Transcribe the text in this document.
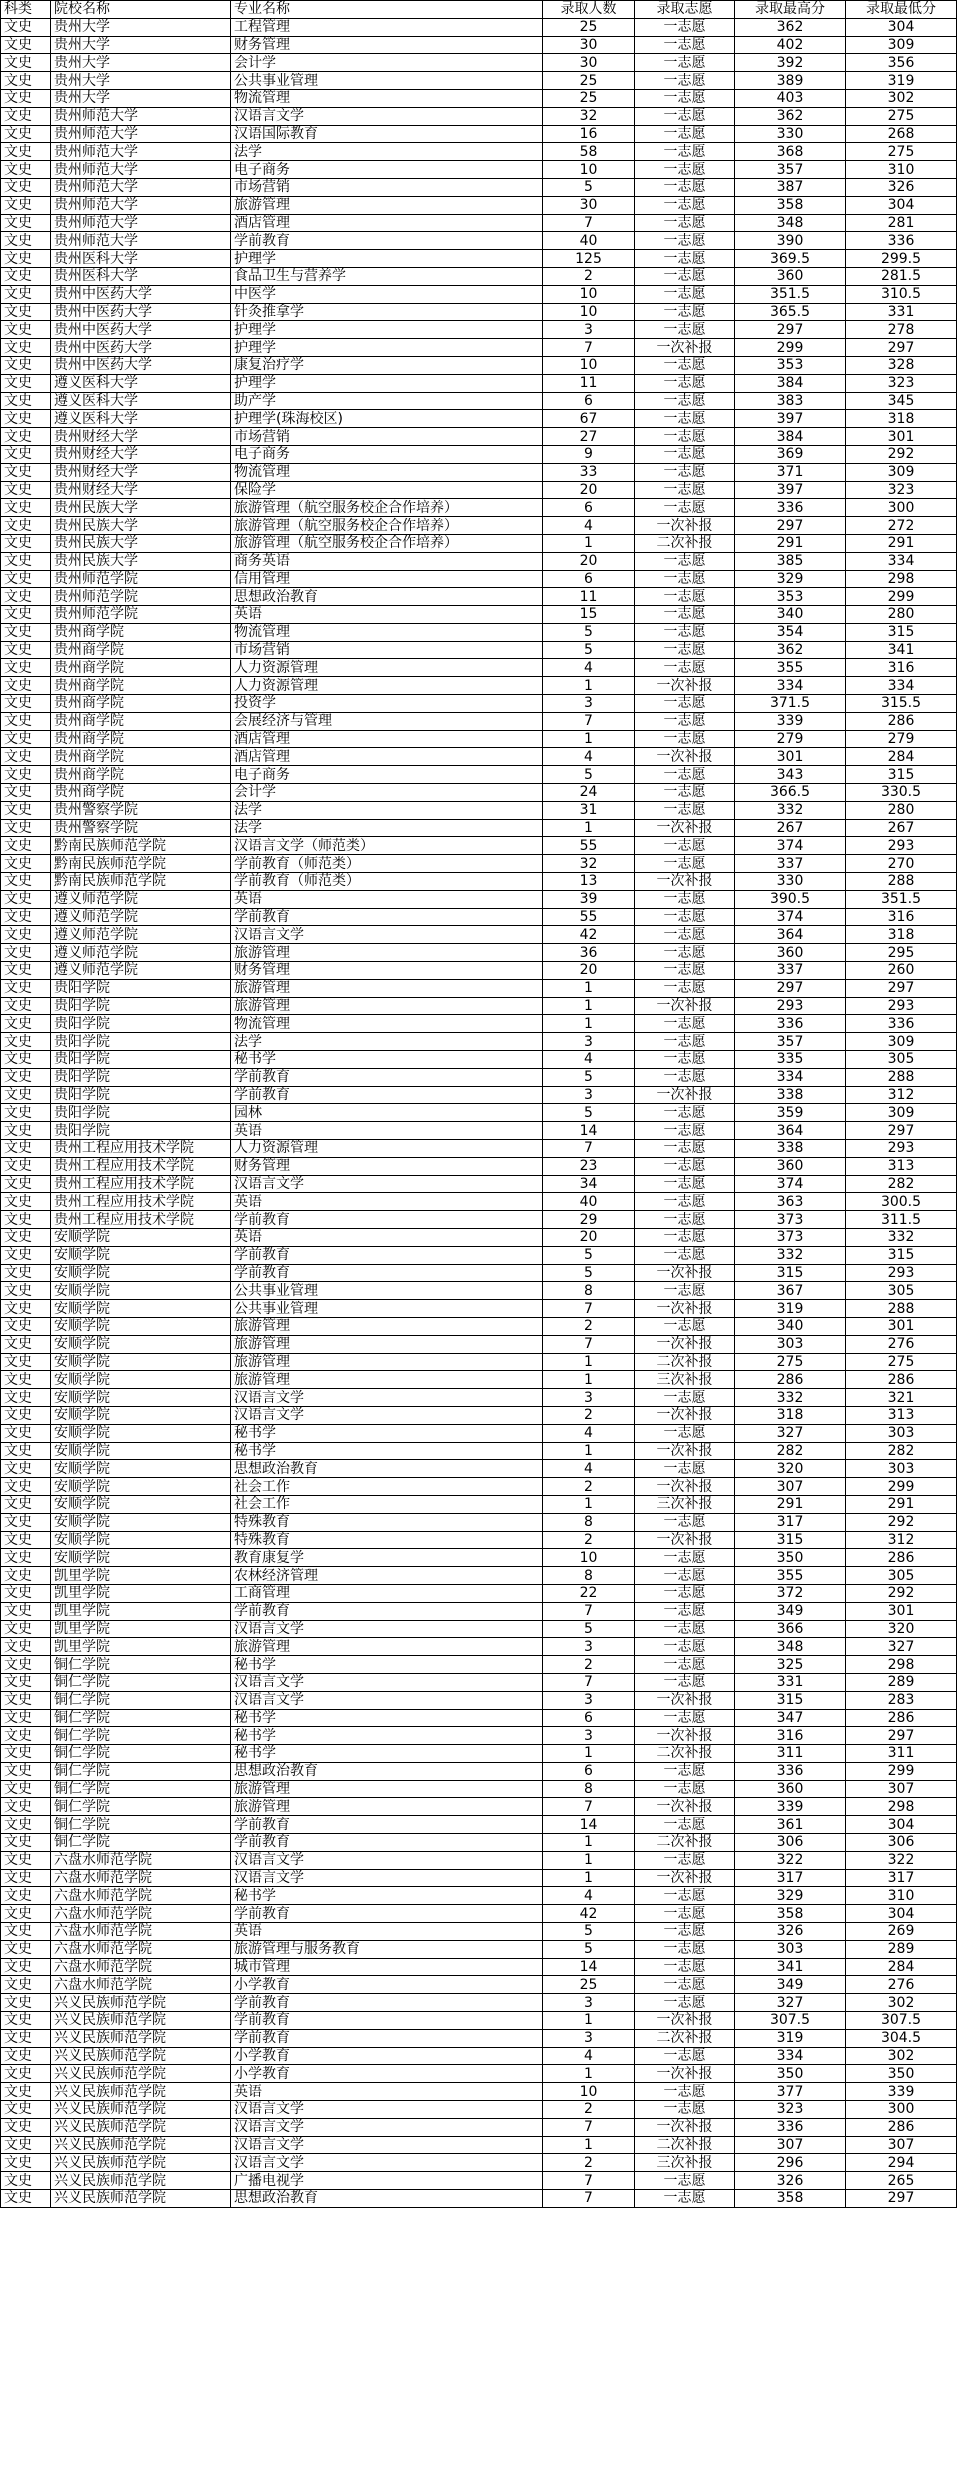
科类	院校名称	专业名称	录取人数	录取志愿	录取最高分	录取最低分
文史	贵州大学	工程管理	25	一志愿	362	304
文史	贵州大学	财务管理	30	一志愿	402	309
文史	贵州大学	会计学	30	一志愿	392	356
文史	贵州大学	公共事业管理	25	一志愿	389	319
文史	贵州大学	物流管理	25	一志愿	403	302
文史	贵州师范大学	汉语言文学	32	一志愿	362	275
文史	贵州师范大学	汉语国际教育	16	一志愿	330	268
文史	贵州师范大学	法学	58	一志愿	368	275
文史	贵州师范大学	电子商务	10	一志愿	357	310
文史	贵州师范大学	市场营销	5	一志愿	387	326
文史	贵州师范大学	旅游管理	30	一志愿	358	304
文史	贵州师范大学	酒店管理	7	一志愿	348	281
文史	贵州师范大学	学前教育	40	一志愿	390	336
文史	贵州医科大学	护理学	125	一志愿	369.5	299.5
文史	贵州医科大学	食品卫生与营养学	2	一志愿	360	281.5
文史	贵州中医药大学	中医学	10	一志愿	351.5	310.5
文史	贵州中医药大学	针灸推拿学	10	一志愿	365.5	331
文史	贵州中医药大学	护理学	3	一志愿	297	278
文史	贵州中医药大学	护理学	7	一次补报	299	297
文史	贵州中医药大学	康复治疗学	10	一志愿	353	328
文史	遵义医科大学	护理学	11	一志愿	384	323
文史	遵义医科大学	助产学	6	一志愿	383	345
文史	遵义医科大学	护理学(珠海校区)	67	一志愿	397	318
文史	贵州财经大学	市场营销	27	一志愿	384	301
文史	贵州财经大学	电子商务	9	一志愿	369	292
文史	贵州财经大学	物流管理	33	一志愿	371	309
文史	贵州财经大学	保险学	20	一志愿	397	323
文史	贵州民族大学	旅游管理（航空服务校企合作培养）	6	一志愿	336	300
文史	贵州民族大学	旅游管理（航空服务校企合作培养）	4	一次补报	297	272
文史	贵州民族大学	旅游管理（航空服务校企合作培养）	1	二次补报	291	291
文史	贵州民族大学	商务英语	20	一志愿	385	334
文史	贵州师范学院	信用管理	6	一志愿	329	298
文史	贵州师范学院	思想政治教育	11	一志愿	353	299
文史	贵州师范学院	英语	15	一志愿	340	280
文史	贵州商学院	物流管理	5	一志愿	354	315
文史	贵州商学院	市场营销	5	一志愿	362	341
文史	贵州商学院	人力资源管理	4	一志愿	355	316
文史	贵州商学院	人力资源管理	1	一次补报	334	334
文史	贵州商学院	投资学	3	一志愿	371.5	315.5
文史	贵州商学院	会展经济与管理	7	一志愿	339	286
文史	贵州商学院	酒店管理	1	一志愿	279	279
文史	贵州商学院	酒店管理	4	一次补报	301	284
文史	贵州商学院	电子商务	5	一志愿	343	315
文史	贵州商学院	会计学	24	一志愿	366.5	330.5
文史	贵州警察学院	法学	31	一志愿	332	280
文史	贵州警察学院	法学	1	一次补报	267	267
文史	黔南民族师范学院	汉语言文学（师范类）	55	一志愿	374	293
文史	黔南民族师范学院	学前教育（师范类）	32	一志愿	337	270
文史	黔南民族师范学院	学前教育（师范类）	13	一次补报	330	288
文史	遵义师范学院	英语	39	一志愿	390.5	351.5
文史	遵义师范学院	学前教育	55	一志愿	374	316
文史	遵义师范学院	汉语言文学	42	一志愿	364	318
文史	遵义师范学院	旅游管理	36	一志愿	360	295
文史	遵义师范学院	财务管理	20	一志愿	337	260
文史	贵阳学院	旅游管理	1	一志愿	297	297
文史	贵阳学院	旅游管理	1	一次补报	293	293
文史	贵阳学院	物流管理	1	一志愿	336	336
文史	贵阳学院	法学	3	一志愿	357	309
文史	贵阳学院	秘书学	4	一志愿	335	305
文史	贵阳学院	学前教育	5	一志愿	334	288
文史	贵阳学院	学前教育	3	一次补报	338	312
文史	贵阳学院	园林	5	一志愿	359	309
文史	贵阳学院	英语	14	一志愿	364	297
文史	贵州工程应用技术学院	人力资源管理	7	一志愿	338	293
文史	贵州工程应用技术学院	财务管理	23	一志愿	360	313
文史	贵州工程应用技术学院	汉语言文学	34	一志愿	374	282
文史	贵州工程应用技术学院	英语	40	一志愿	363	300.5
文史	贵州工程应用技术学院	学前教育	29	一志愿	373	311.5
文史	安顺学院	英语	20	一志愿	373	332
文史	安顺学院	学前教育	5	一志愿	332	315
文史	安顺学院	学前教育	5	一次补报	315	293
文史	安顺学院	公共事业管理	8	一志愿	367	305
文史	安顺学院	公共事业管理	7	一次补报	319	288
文史	安顺学院	旅游管理	2	一志愿	340	301
文史	安顺学院	旅游管理	7	一次补报	303	276
文史	安顺学院	旅游管理	1	二次补报	275	275
文史	安顺学院	旅游管理	1	三次补报	286	286
文史	安顺学院	汉语言文学	3	一志愿	332	321
文史	安顺学院	汉语言文学	2	一次补报	318	313
文史	安顺学院	秘书学	4	一志愿	327	303
文史	安顺学院	秘书学	1	一次补报	282	282
文史	安顺学院	思想政治教育	4	一志愿	320	303
文史	安顺学院	社会工作	2	一次补报	307	299
文史	安顺学院	社会工作	1	三次补报	291	291
文史	安顺学院	特殊教育	8	一志愿	317	292
文史	安顺学院	特殊教育	2	一次补报	315	312
文史	安顺学院	教育康复学	10	一志愿	350	286
文史	凯里学院	农林经济管理	8	一志愿	355	305
文史	凯里学院	工商管理	22	一志愿	372	292
文史	凯里学院	学前教育	7	一志愿	349	301
文史	凯里学院	汉语言文学	5	一志愿	366	320
文史	凯里学院	旅游管理	3	一志愿	348	327
文史	铜仁学院	秘书学	2	一志愿	325	298
文史	铜仁学院	汉语言文学	7	一志愿	331	289
文史	铜仁学院	汉语言文学	3	一次补报	315	283
文史	铜仁学院	秘书学	6	一志愿	347	286
文史	铜仁学院	秘书学	3	一次补报	316	297
文史	铜仁学院	秘书学	1	二次补报	311	311
文史	铜仁学院	思想政治教育	6	一志愿	336	299
文史	铜仁学院	旅游管理	8	一志愿	360	307
文史	铜仁学院	旅游管理	7	一次补报	339	298
文史	铜仁学院	学前教育	14	一志愿	361	304
文史	铜仁学院	学前教育	1	二次补报	306	306
文史	六盘水师范学院	汉语言文学	1	一志愿	322	322
文史	六盘水师范学院	汉语言文学	1	一次补报	317	317
文史	六盘水师范学院	秘书学	4	一志愿	329	310
文史	六盘水师范学院	学前教育	42	一志愿	358	304
文史	六盘水师范学院	英语	5	一志愿	326	269
文史	六盘水师范学院	旅游管理与服务教育	5	一志愿	303	289
文史	六盘水师范学院	城市管理	14	一志愿	341	284
文史	六盘水师范学院	小学教育	25	一志愿	349	276
文史	兴义民族师范学院	学前教育	3	一志愿	327	302
文史	兴义民族师范学院	学前教育	1	一次补报	307.5	307.5
文史	兴义民族师范学院	学前教育	3	二次补报	319	304.5
文史	兴义民族师范学院	小学教育	4	一志愿	334	302
文史	兴义民族师范学院	小学教育	1	一次补报	350	350
文史	兴义民族师范学院	英语	10	一志愿	377	339
文史	兴义民族师范学院	汉语言文学	2	一志愿	323	300
文史	兴义民族师范学院	汉语言文学	7	一次补报	336	286
文史	兴义民族师范学院	汉语言文学	1	二次补报	307	307
文史	兴义民族师范学院	汉语言文学	2	三次补报	296	294
文史	兴义民族师范学院	广播电视学	7	一志愿	326	265
文史	兴义民族师范学院	思想政治教育	7	一志愿	358	297
